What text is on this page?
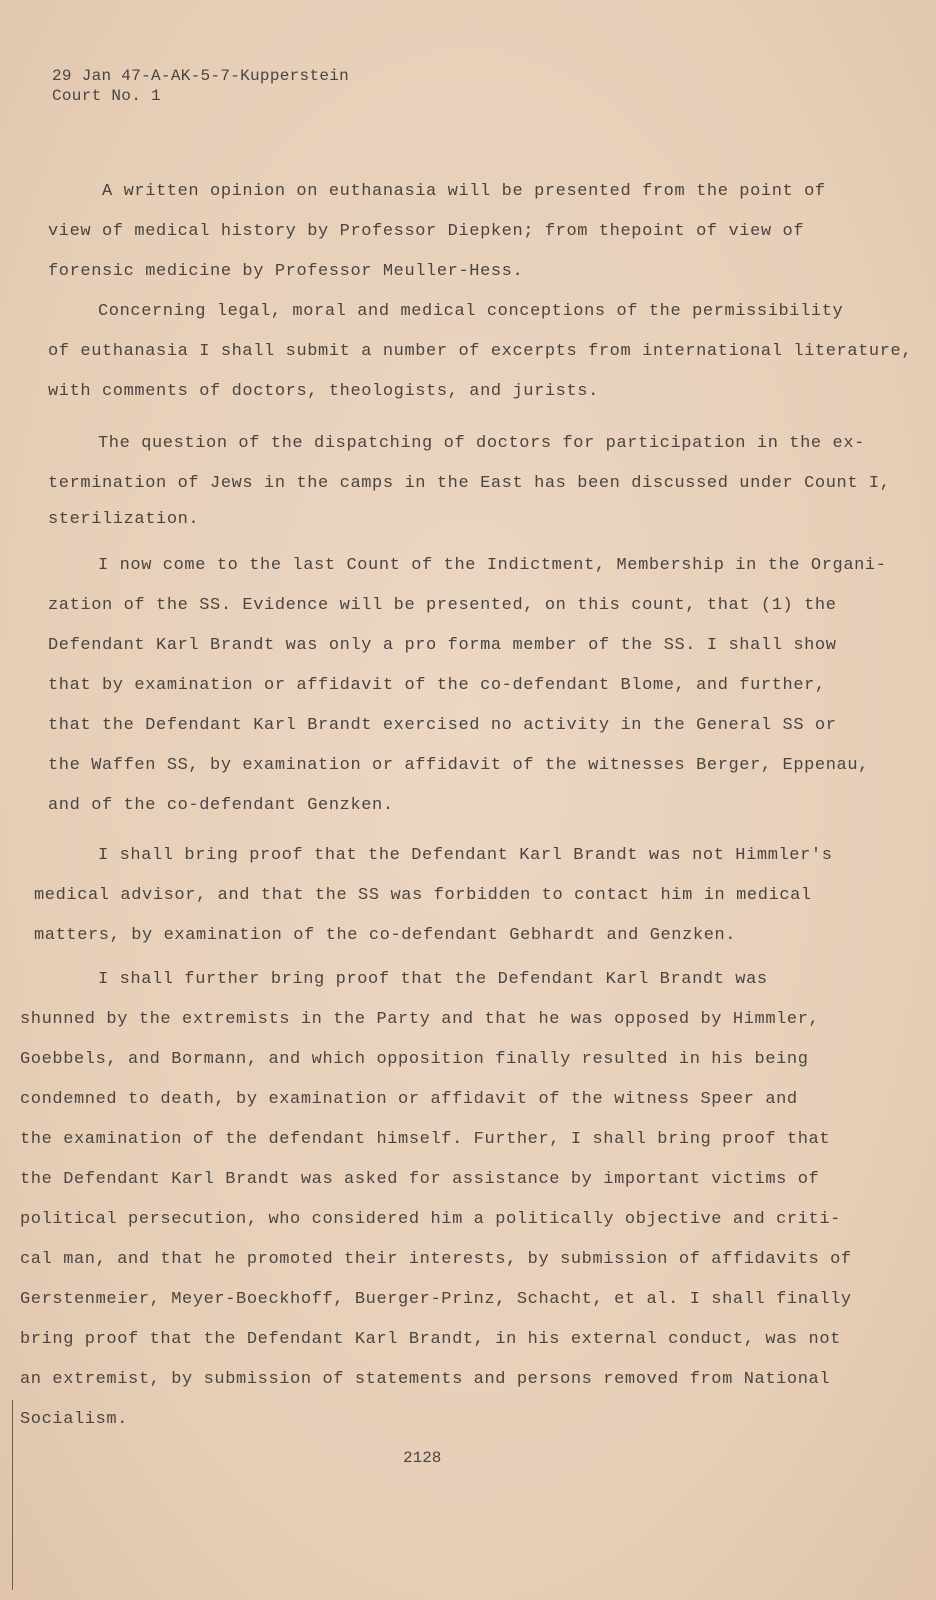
29 Jan 47-A-AK-5-7-Kupperstein
Court No. 1
A written opinion on euthanasia will be presented from the point of
view of medical history by Professor Diepken; from thepoint of view of
forensic medicine by Professor Meuller-Hess.
Concerning legal, moral and medical conceptions of the permissibility
of euthanasia I shall submit a number of excerpts from international literature,
with comments of doctors, theologists, and jurists.
The question of the dispatching of doctors for participation in the ex-
termination of Jews in the camps in the East has been discussed under Count I,
sterilization.
I now come to the last Count of the Indictment, Membership in the Organi-
zation of the SS. Evidence will be presented, on this count, that (1) the
Defendant Karl Brandt was only a pro forma member of the SS. I shall show
that by examination or affidavit of the co-defendant Blome, and further,
that the Defendant Karl Brandt exercised no activity in the General SS or
the Waffen SS, by examination or affidavit of the witnesses Berger, Eppenau,
and of the co-defendant Genzken.
I shall bring proof that the Defendant Karl Brandt was not Himmler's
medical advisor, and that the SS was forbidden to contact him in medical
matters, by examination of the co-defendant Gebhardt and Genzken.
I shall further bring proof that the Defendant Karl Brandt was
shunned by the extremists in the Party and that he was opposed by Himmler,
Goebbels, and Bormann, and which opposition finally resulted in his being
condemned to death, by examination or affidavit of the witness Speer and
the examination of the defendant himself. Further, I shall bring proof that
the Defendant Karl Brandt was asked for assistance by important victims of
political persecution, who considered him a politically objective and criti-
cal man, and that he promoted their interests, by submission of affidavits of
Gerstenmeier, Meyer-Boeckhoff, Buerger-Prinz, Schacht, et al. I shall finally
bring proof that the Defendant Karl Brandt, in his external conduct, was not
an extremist, by submission of statements and persons removed from National
Socialism.
2128
